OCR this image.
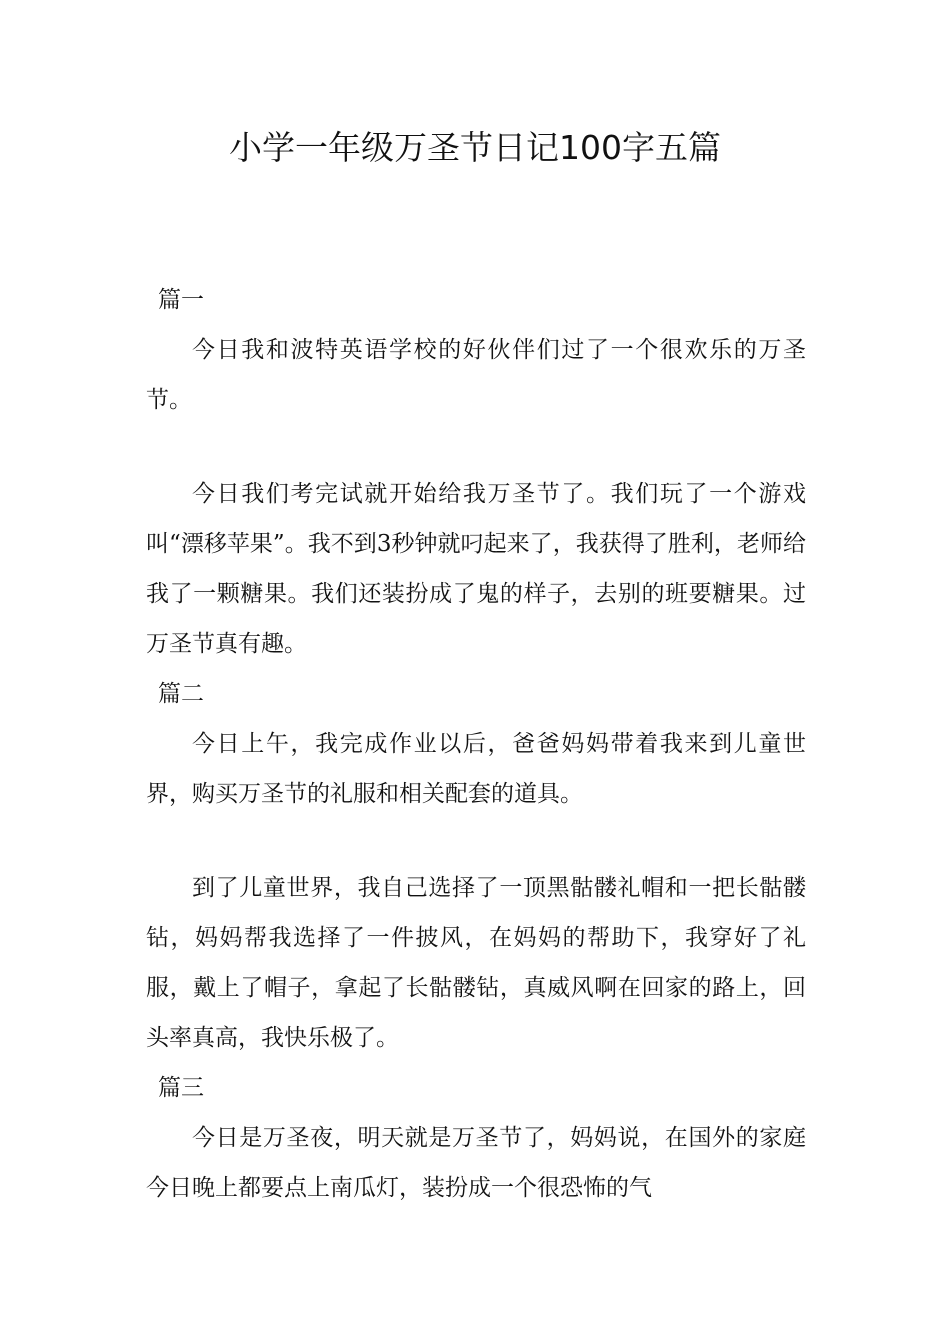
小学一年级万圣节日记100字五篇
篇一

今日我和波特英语学校的好伙伴们过了一个很欢乐的万圣节。

今日我们考完试就开始给我万圣节了。我们玩了一个游戏叫“漂移苹果”。我不到3秒钟就叼起来了，我获得了胜利，老师给我了一颗糖果。我们还装扮成了鬼的样子，去别的班要糖果。过万圣节真有趣。

篇二

今日上午，我完成作业以后，爸爸妈妈带着我来到儿童世界，购买万圣节的礼服和相关配套的道具。

到了儿童世界，我自己选择了一顶黑骷髅礼帽和一把长骷髅钻，妈妈帮我选择了一件披风，在妈妈的帮助下，我穿好了礼服，戴上了帽子，拿起了长骷髅钻，真威风啊在回家的路上，回头率真高，我快乐极了。

篇三

今日是万圣夜，明天就是万圣节了，妈妈说，在国外的家庭今日晚上都要点上南瓜灯，装扮成一个很恐怖的气
